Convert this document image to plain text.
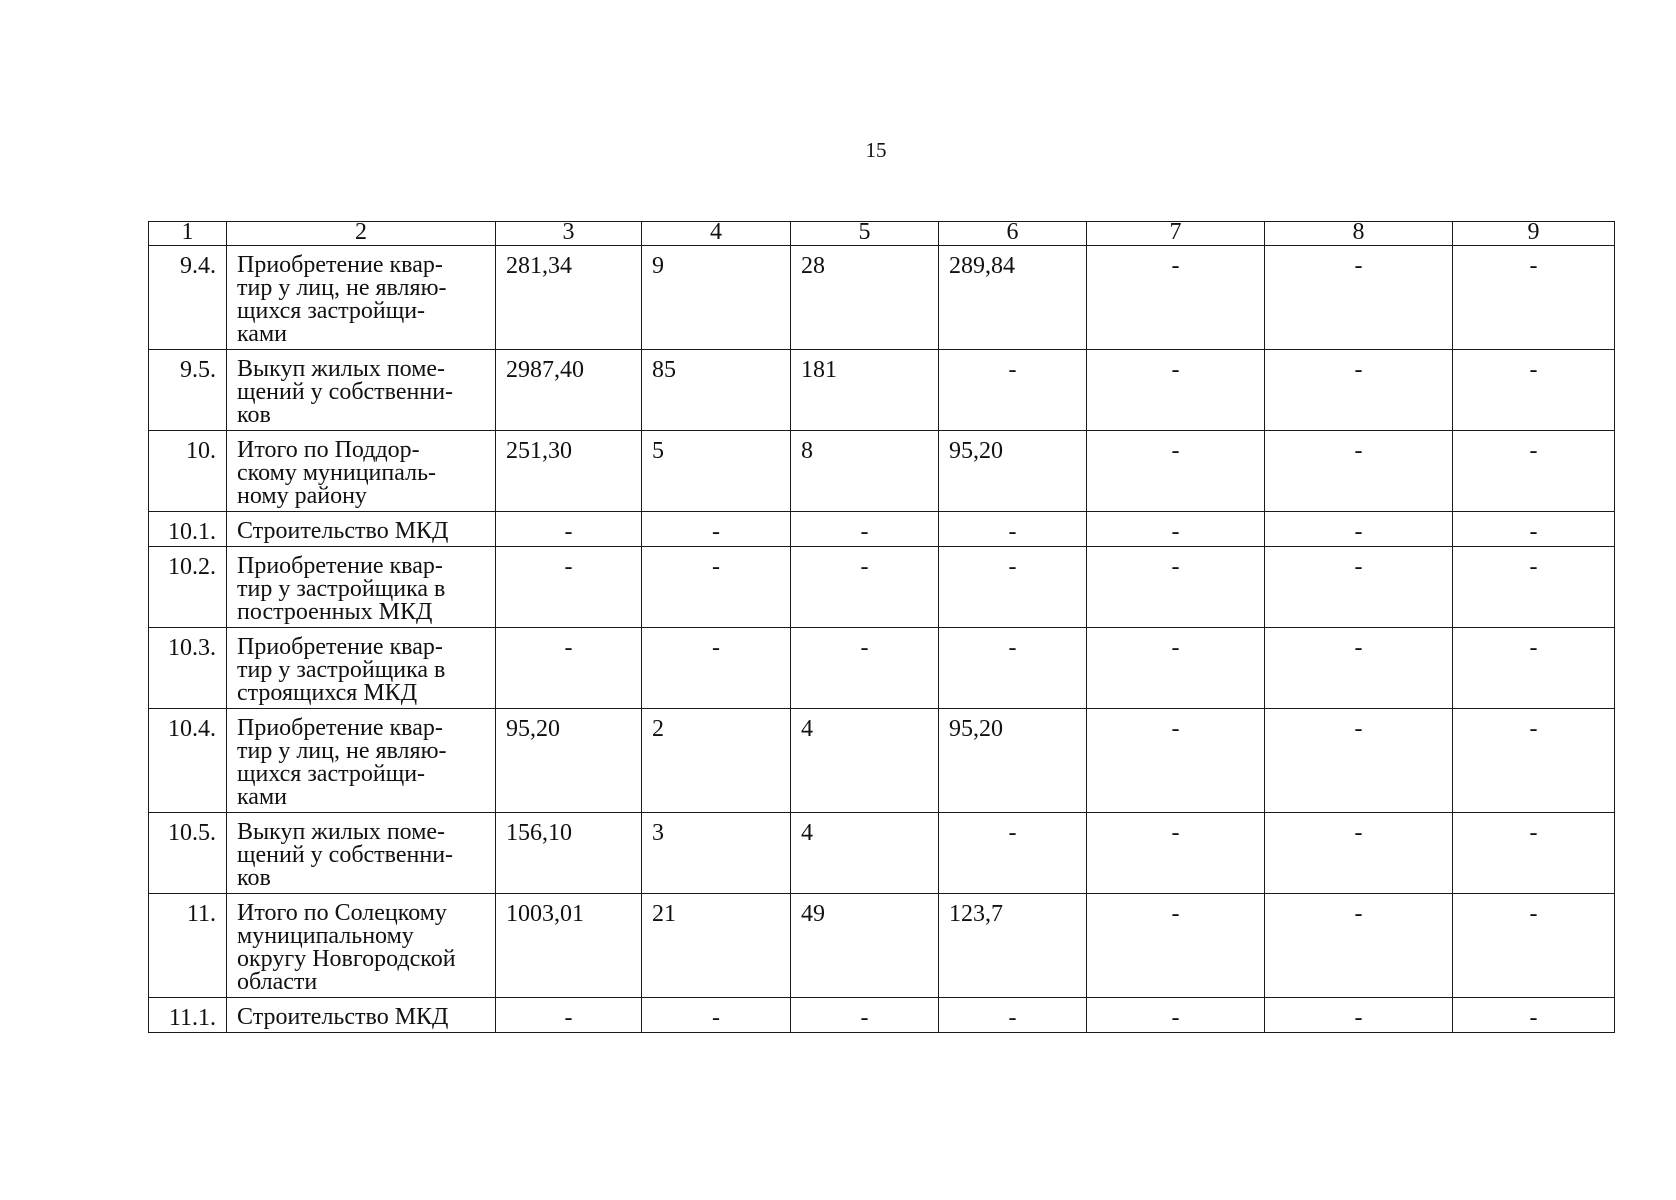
15
1	2	3	4	5	6	7	8	9
9.4.	Приобретение квар-
тир у лиц, не являю-
щихся застройщи-
ками	281,34	9	28	289,84	-	-	-
9.5.	Выкуп жилых поме-
щений у собственни-
ков	2987,40	85	181	-	-	-	-
10.	Итого по Поддор-
скому муниципаль-
ному району	251,30	5	8	95,20	-	-	-
10.1.	Строительство МКД	-	-	-	-	-	-	-
10.2.	Приобретение квар-
тир у застройщика в
построенных МКД	-	-	-	-	-	-	-
10.3.	Приобретение квар-
тир у застройщика в
строящихся МКД	-	-	-	-	-	-	-
10.4.	Приобретение квар-
тир у лиц, не являю-
щихся застройщи-
ками	95,20	2	4	95,20	-	-	-
10.5.	Выкуп жилых поме-
щений у собственни-
ков	156,10	3	4	-	-	-	-
11.	Итого по Солецкому
муниципальному
округу Новгородской
области	1003,01	21	49	123,7	-	-	-
11.1.	Строительство МКД	-	-	-	-	-	-	-
